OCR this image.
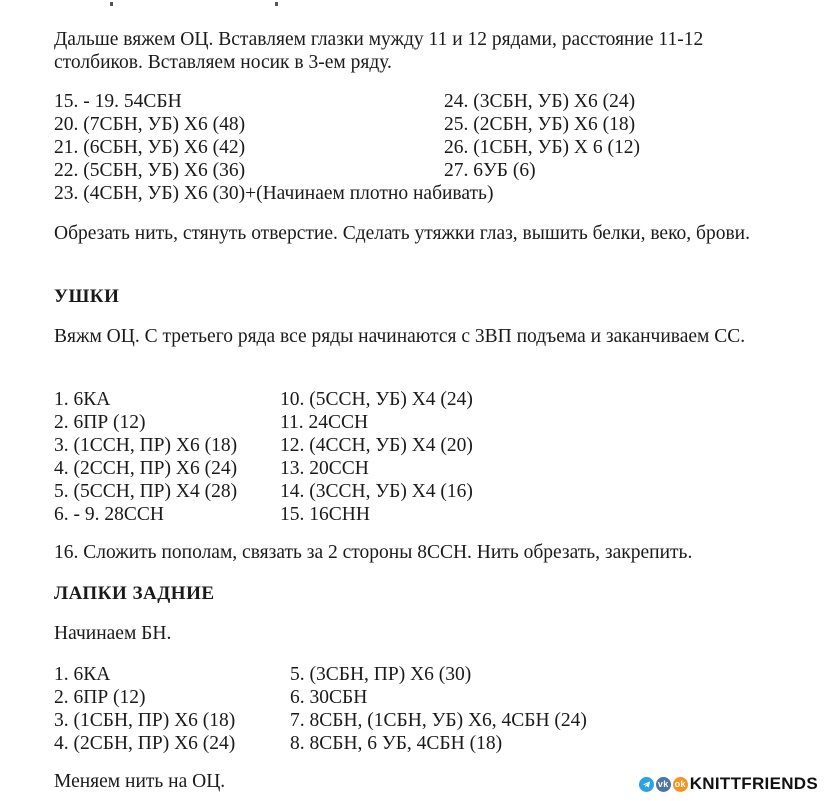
Дальше вяжем ОЦ. Вставляем глазки мужду 11 и 12 рядами, расстояние 11-12 столбиков. Вставляем носик в 3-ем ряду.
15. - 19. 54СБН
20. (7СБН, УБ) Х6 (48)
21. (6СБН, УБ) Х6 (42)
22. (5СБН, УБ) Х6 (36)
23. (4СБН, УБ) Х6 (30)+(Начинаем плотно набивать)
24. (3СБН, УБ) Х6 (24)
25. (2СБН, УБ) Х6 (18)
26. (1СБН, УБ) Х 6 (12)
27. 6УБ (6)
Обрезать нить, стянуть отверстие. Сделать утяжки глаз, вышить белки, веко, брови.
УШКИ
Вяжм ОЦ. С третьего ряда все ряды начинаются с 3ВП подъема и заканчиваем СС.
1. 6КА
2. 6ПР (12)
3. (1ССН, ПР) Х6 (18)
4. (2ССН, ПР) Х6 (24)
5. (5ССН, ПР) Х4 (28)
6. - 9. 28ССН
10. (5ССН, УБ) Х4 (24)
11. 24ССН
12. (4ССН, УБ) Х4 (20)
13. 20ССН
14. (3ССН, УБ) Х4 (16)
15. 16СНН
16. Сложить пополам, связать за 2 стороны 8ССН. Нить обрезать, закрепить.
ЛАПКИ ЗАДНИЕ
Начинаем БН.
1. 6КА
2. 6ПР (12)
3. (1СБН, ПР) Х6 (18)
4. (2СБН, ПР) Х6 (24)
5. (3СБН, ПР) Х6 (30)
6. 30СБН
7. 8СБН, (1СБН, УБ) Х6, 4СБН (24)
8. 8СБН, 6 УБ, 4СБН (18)
Меняем нить на ОЦ.	vk ok KNITTFRIENDS
